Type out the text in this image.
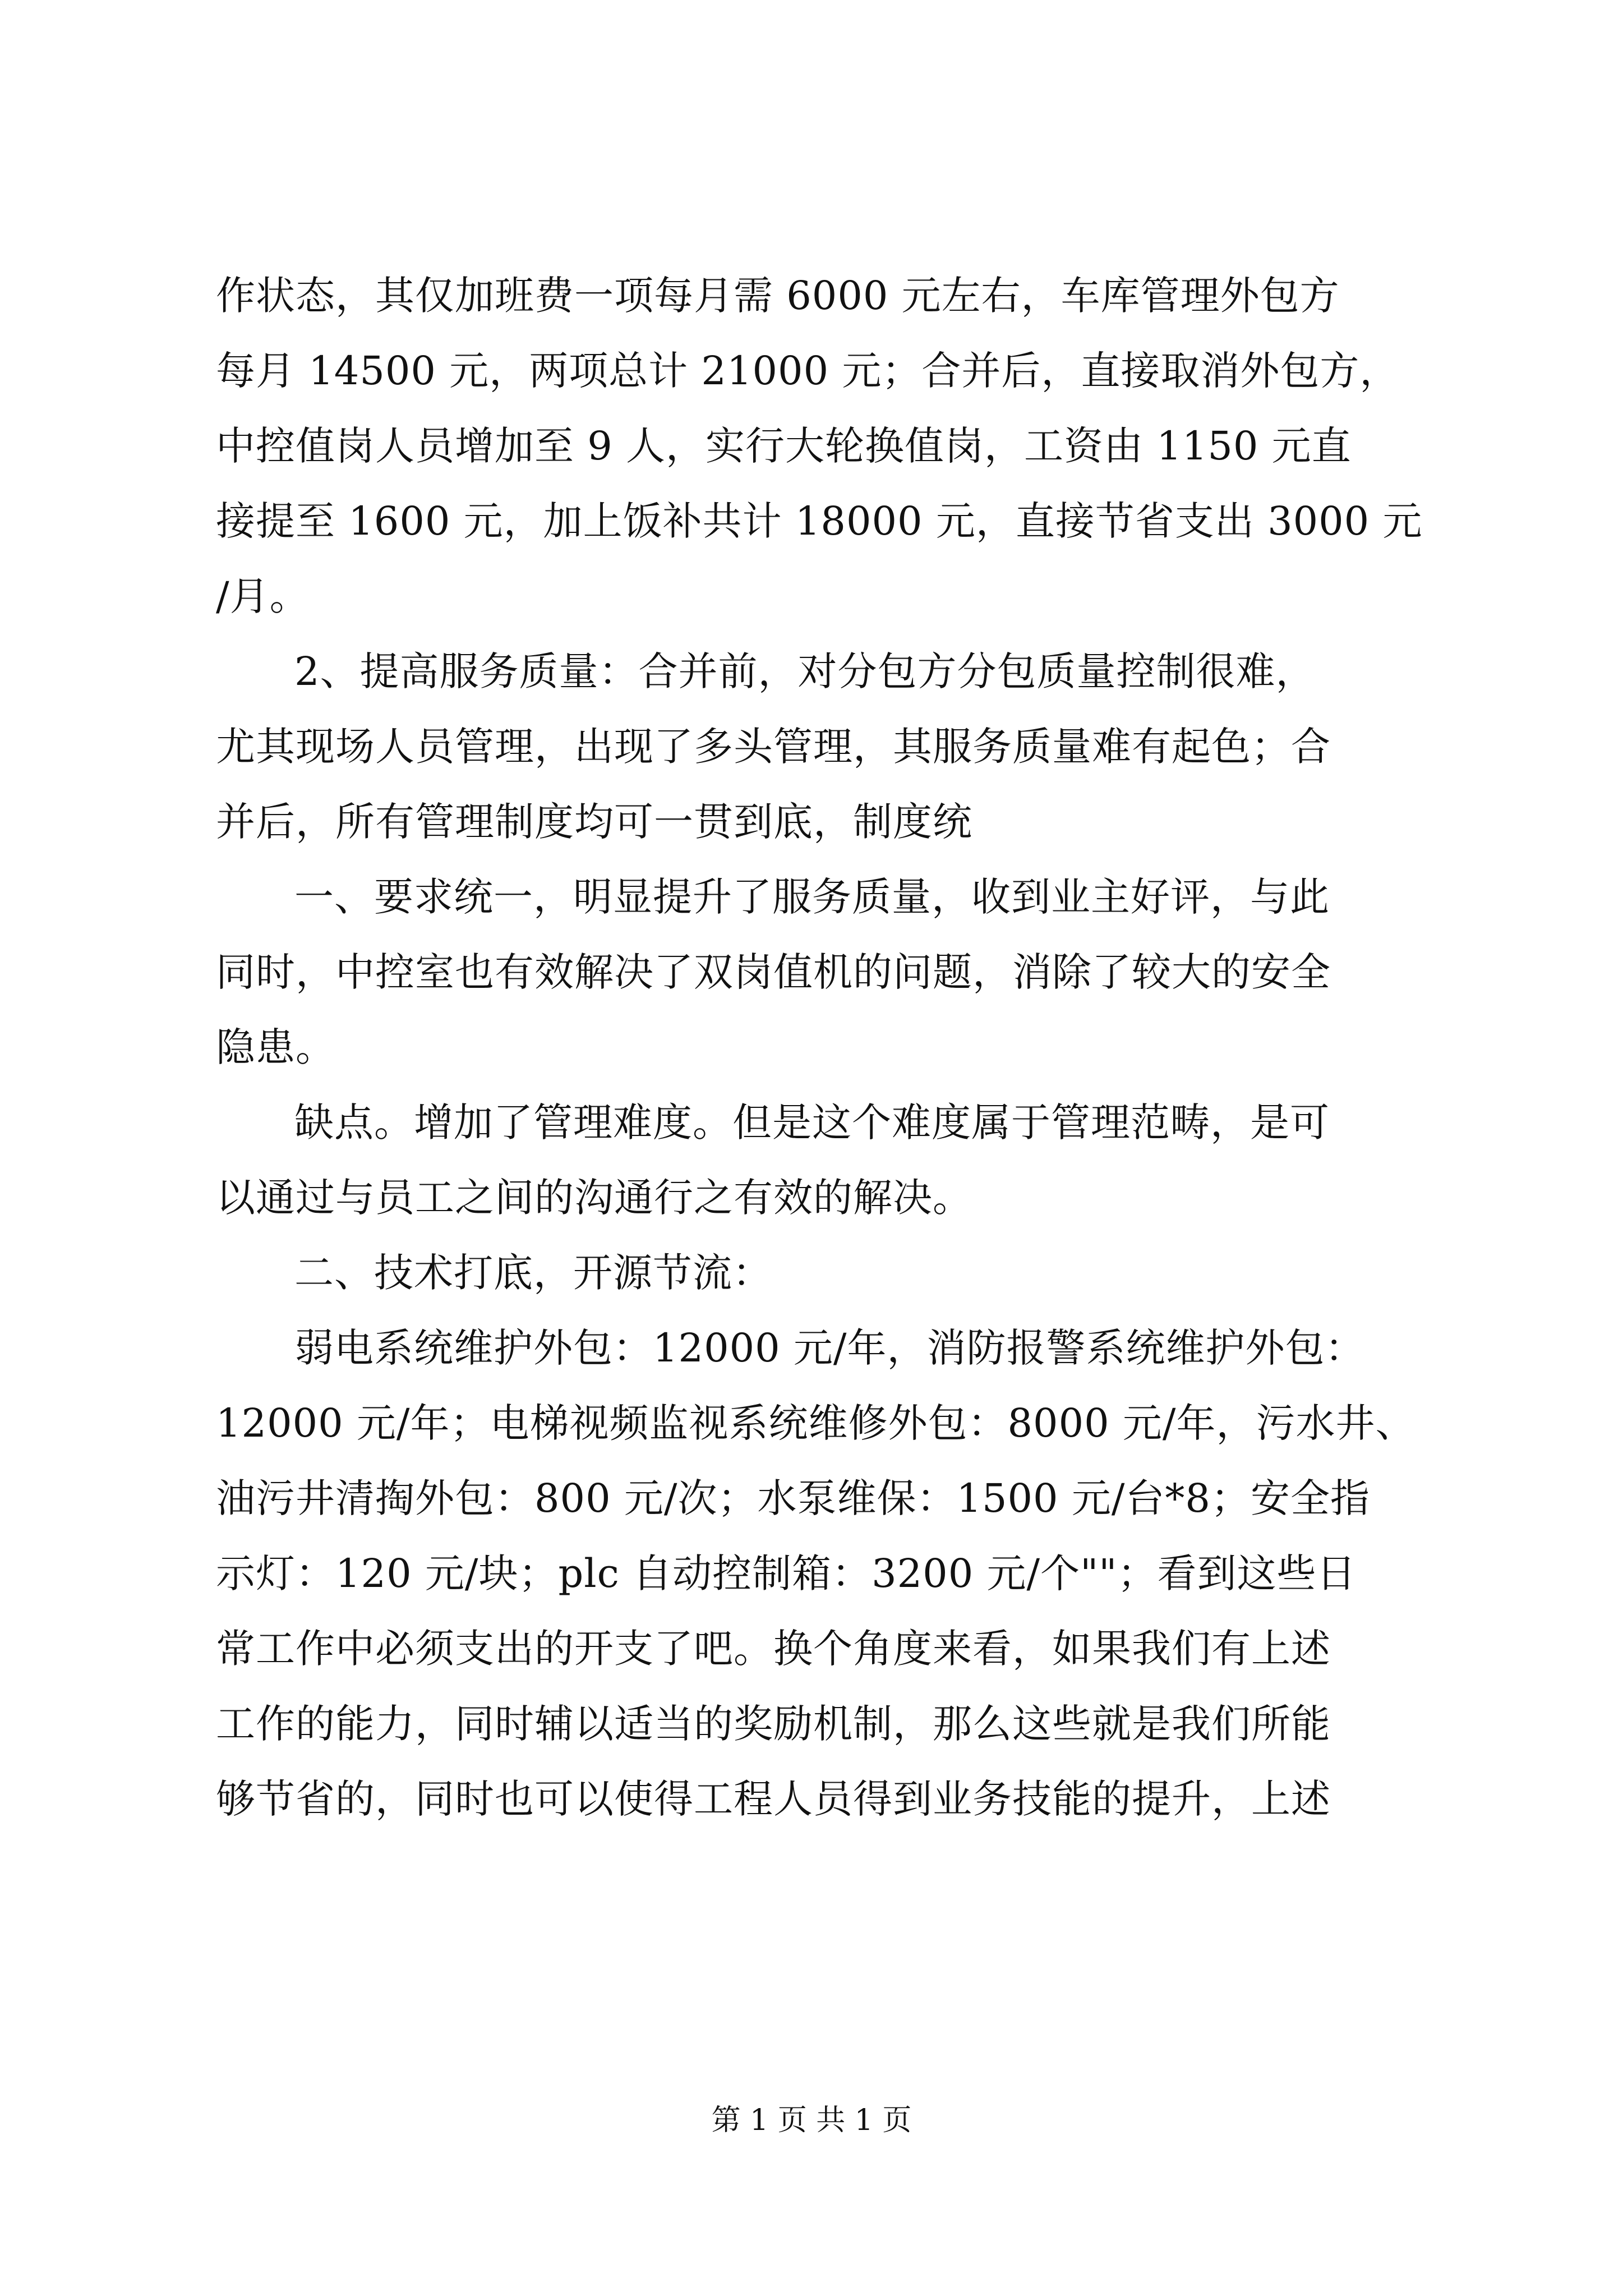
作状态，其仅加班费一项每月需 6000 元左右，车库管理外包方
每月 14500 元，两项总计 21000 元；合并后，直接取消外包方，
中控值岗人员增加至 9 人，实行大轮换值岗，工资由 1150 元直
接提至 1600 元，加上饭补共计 18000 元，直接节省支出 3000 元
/月。
2、提高服务质量：合并前，对分包方分包质量控制很难，
尤其现场人员管理，出现了多头管理，其服务质量难有起色；合
并后，所有管理制度均可一贯到底，制度统
一、要求统一，明显提升了服务质量，收到业主好评，与此
同时，中控室也有效解决了双岗值机的问题，消除了较大的安全
隐患。
缺点。增加了管理难度。但是这个难度属于管理范畴，是可
以通过与员工之间的沟通行之有效的解决。
二、技术打底，开源节流：
弱电系统维护外包：12000 元/年，消防报警系统维护外包：
12000 元/年；电梯视频监视系统维修外包：8000 元/年，污水井、
油污井清掏外包：800 元/次；水泵维保：1500 元/台*8；安全指
示灯：120 元/块；plc 自动控制箱：3200 元/个""；看到这些日
常工作中必须支出的开支了吧。换个角度来看，如果我们有上述
工作的能力，同时辅以适当的奖励机制，那么这些就是我们所能
够节省的，同时也可以使得工程人员得到业务技能的提升，上述
第 1 页 共 1 页
